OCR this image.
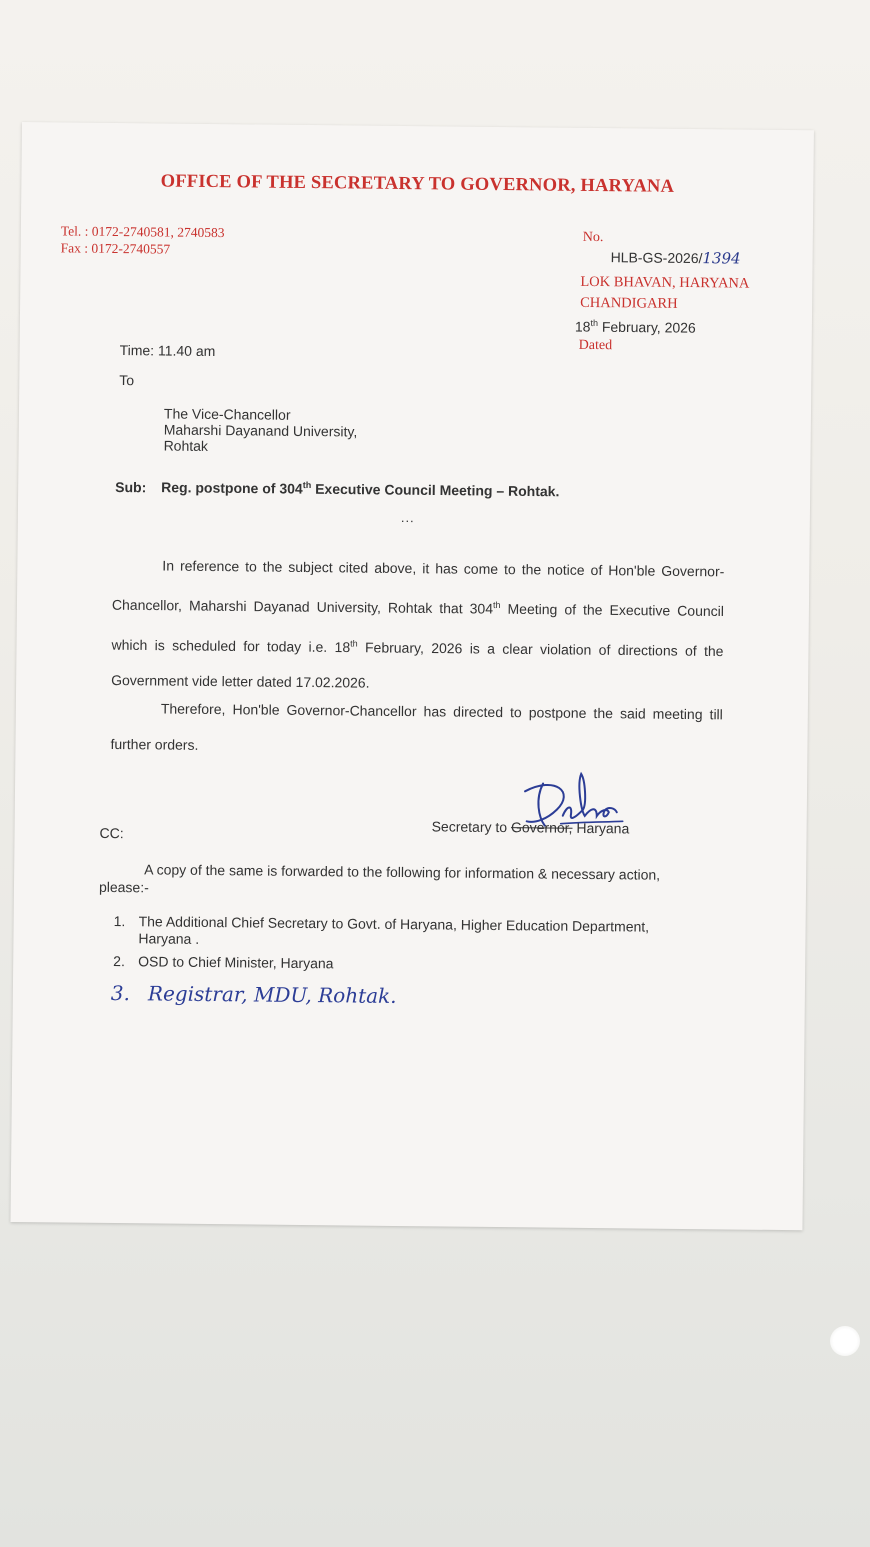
OFFICE OF THE SECRETARY TO GOVERNOR, HARYANA
Tel. : 0172-2740581, 2740583
Fax : 0172-2740557
No.
HLB-GS-2026/1394
LOK BHAVAN, HARYANA
CHANDIGARH
18th February, 2026
Dated
Time: 11.40 am
To
The Vice-Chancellor
Maharshi Dayanand University,
Rohtak
Sub: Reg. postpone of 304th Executive Council Meeting – Rohtak.
...
In reference to the subject cited above, it has come to the notice of Hon'ble Governor-Chancellor, Maharshi Dayanad University, Rohtak that 304th Meeting of the Executive Council which is scheduled for today i.e. 18th February, 2026 is a clear violation of directions of the Government vide letter dated 17.02.2026.
Therefore, Hon'ble Governor-Chancellor has directed to postpone the said meeting till further orders.
Secretary to Governor, Haryana
CC:
A copy of the same is forwarded to the following for information & necessary action, please:-
1. The Additional Chief Secretary to Govt. of Haryana, Higher Education Department, Haryana .
2. OSD to Chief Minister, Haryana
3. Registrar, MDU, Rohtak.
